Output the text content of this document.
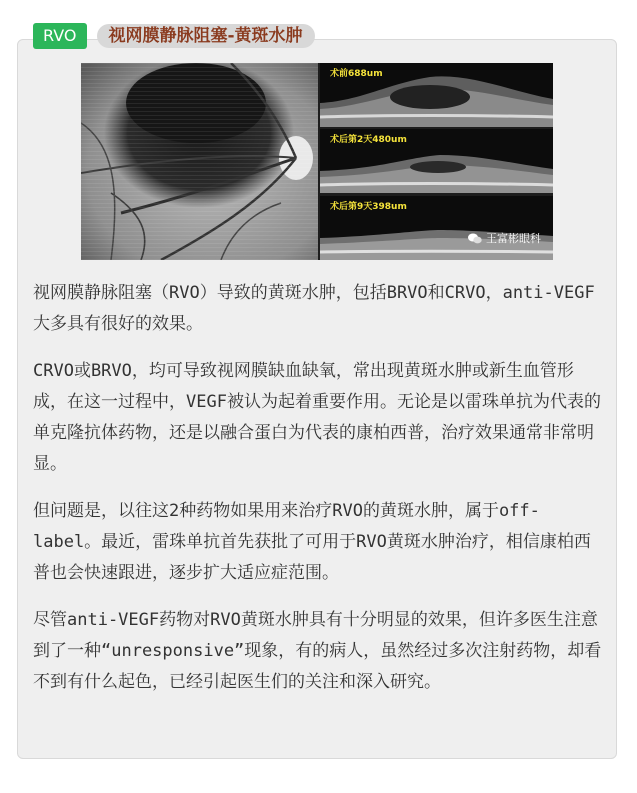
RVO	视网膜静脉阻塞-黄斑水肿
术前688um
术后第2天480um
术后第9天398um
王富彬眼科

视网膜静脉阻塞（RVO）导致的黄斑水肿，包括BRVO和CRVO，anti-VEGF大多具有很好的效果。

CRVO或BRVO，均可导致视网膜缺血缺氧，常出现黄斑水肿或新生血管形成，在这一过程中，VEGF被认为起着重要作用。无论是以雷珠单抗为代表的单克隆抗体药物，还是以融合蛋白为代表的康柏西普，治疗效果通常非常明显。

但问题是，以往这2种药物如果用来治疗RVO的黄斑水肿，属于off-label。最近，雷珠单抗首先获批了可用于RVO黄斑水肿治疗，相信康柏西普也会快速跟进，逐步扩大适应症范围。

尽管anti-VEGF药物对RVO黄斑水肿具有十分明显的效果，但许多医生注意到了一种“unresponsive”现象，有的病人，虽然经过多次注射药物，却看不到有什么起色，已经引起医生们的关注和深入研究。
